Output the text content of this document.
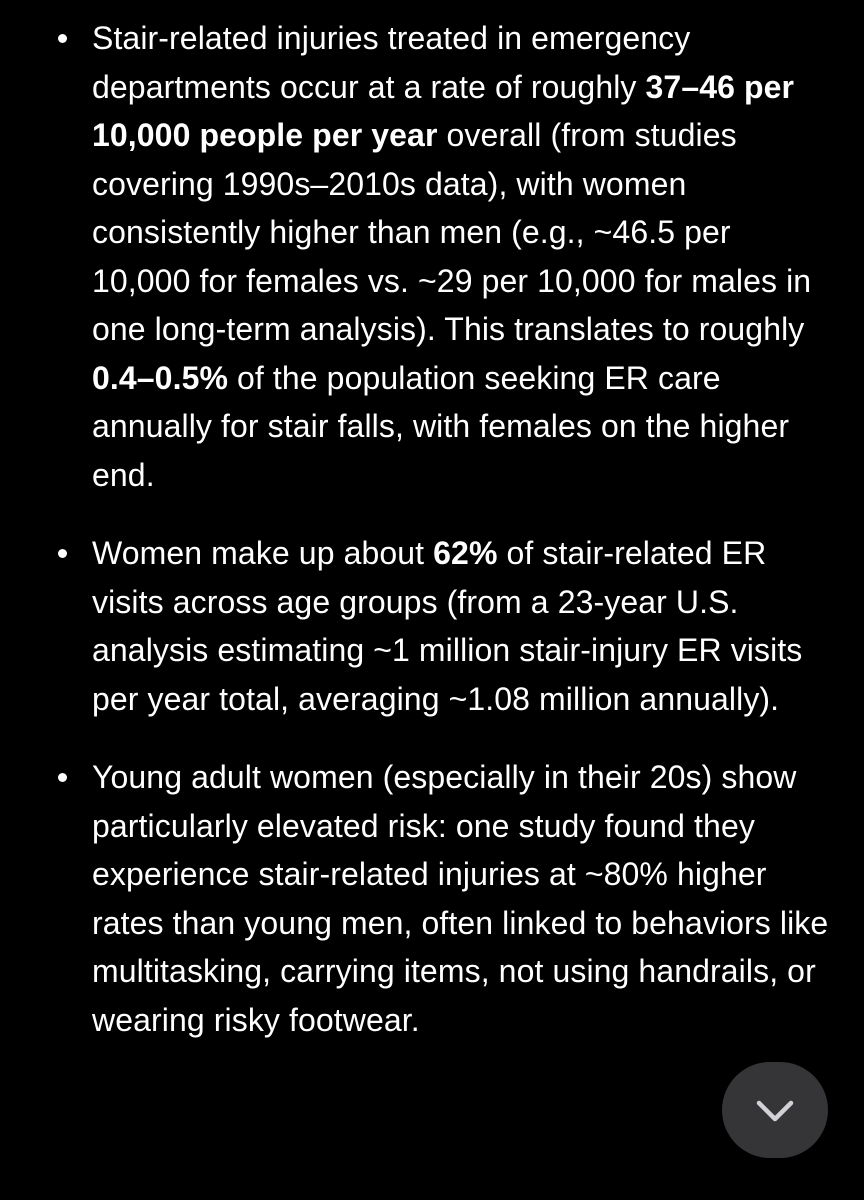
Stair-related injuries treated in emergency departments occur at a rate of roughly 37–46 per 10,000 people per year overall (from studies covering 1990s–2010s data), with women consistently higher than men (e.g., ~46.5 per 10,000 for females vs. ~29 per 10,000 for males in one long-term analysis). This translates to roughly 0.4–0.5% of the population seeking ER care annually for stair falls, with females on the higher end.
Women make up about 62% of stair-related ER visits across age groups (from a 23-year U.S. analysis estimating ~1 million stair-injury ER visits per year total, averaging ~1.08 million annually).
Young adult women (especially in their 20s) show particularly elevated risk: one study found they experience stair-related injuries at ~80% higher rates than young men, often linked to behaviors like multitasking, carrying items, not using handrails, or wearing risky footwear.
